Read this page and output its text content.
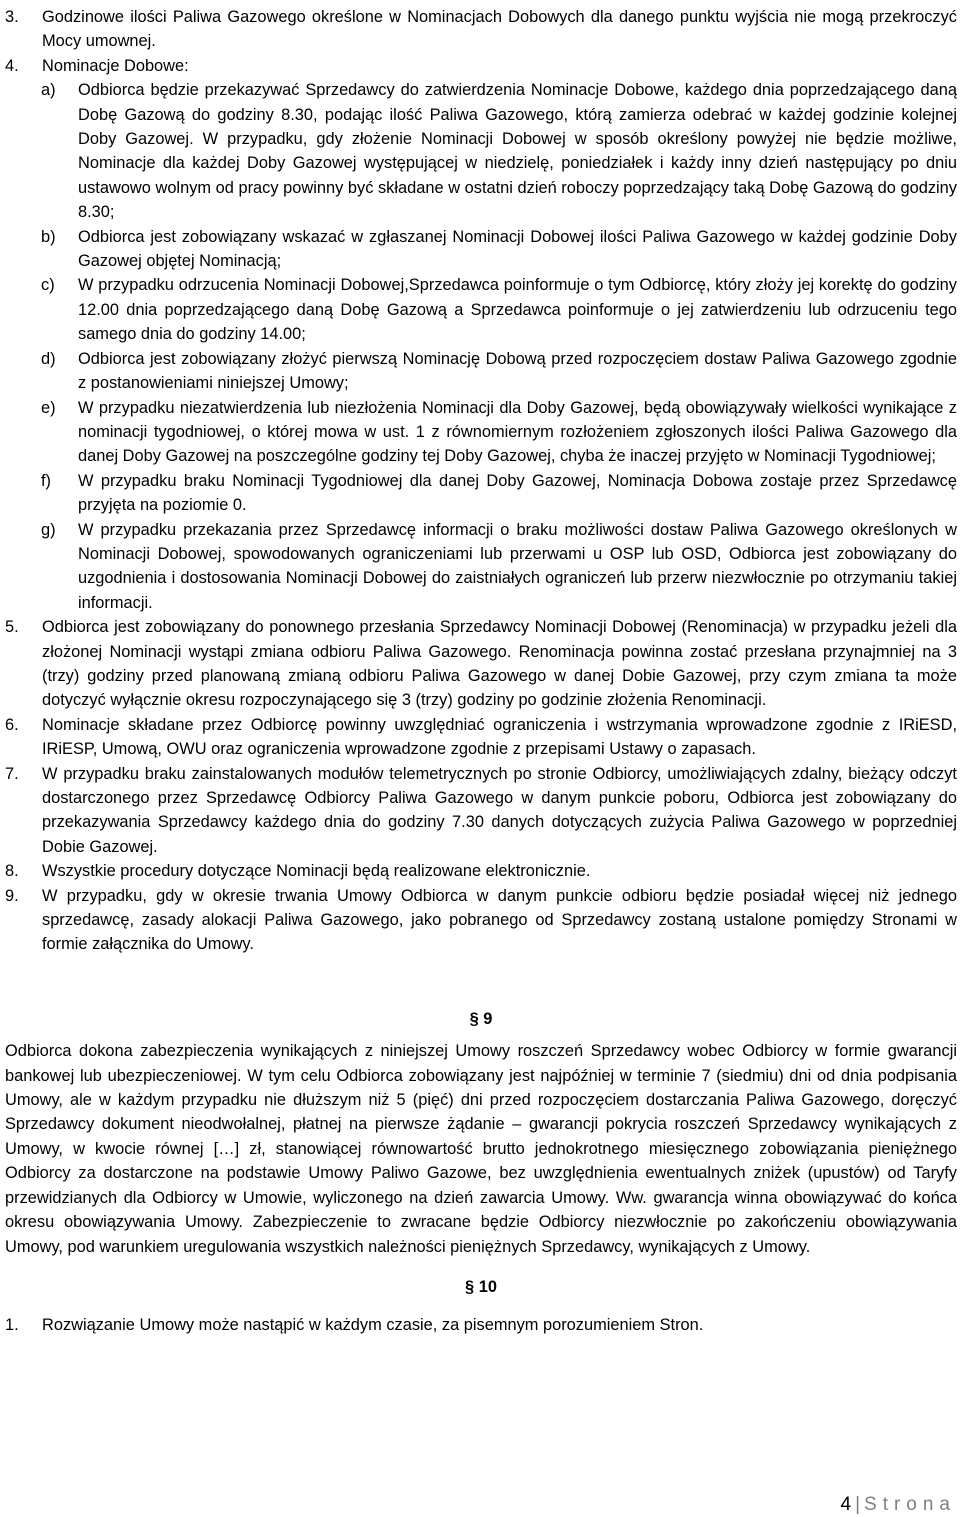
3. Godzinowe ilości Paliwa Gazowego określone w Nominacjach Dobowych dla danego punktu wyjścia nie mogą przekroczyć Mocy umownej.
4. Nominacje Dobowe:
a) Odbiorca będzie przekazywać Sprzedawcy do zatwierdzenia Nominacje Dobowe, każdego dnia poprzedzającego daną Dobę Gazową do godziny 8.30, podając ilość Paliwa Gazowego, którą zamierza odebrać w każdej godzinie kolejnej Doby Gazowej. W przypadku, gdy złożenie Nominacji Dobowej w sposób określony powyżej nie będzie możliwe, Nominacje dla każdej Doby Gazowej występującej w niedzielę, poniedziałek i każdy inny dzień następujący po dniu ustawowo wolnym od pracy powinny być składane w ostatni dzień roboczy poprzedzający taką Dobę Gazową do godziny 8.30;
b) Odbiorca jest zobowiązany wskazać w zgłaszanej Nominacji Dobowej ilości Paliwa Gazowego w każdej godzinie Doby Gazowej objętej Nominacją;
c) W przypadku odrzucenia Nominacji Dobowej,Sprzedawca poinformuje o tym Odbiorcę, który złoży jej korektę do godziny 12.00 dnia poprzedzającego daną Dobę Gazową a Sprzedawca poinformuje o jej zatwierdzeniu lub odrzuceniu tego samego dnia do godziny 14.00;
d) Odbiorca jest zobowiązany złożyć pierwszą Nominację Dobową przed rozpoczęciem dostaw Paliwa Gazowego zgodnie z postanowieniami niniejszej Umowy;
e) W przypadku niezatwierdzenia lub niezłożenia Nominacji dla Doby Gazowej, będą obowiązywały wielkości wynikające z nominacji tygodniowej, o której mowa w ust. 1 z równomiernym rozłożeniem zgłoszonych ilości Paliwa Gazowego dla danej Doby Gazowej na poszczególne godziny tej Doby Gazowej, chyba że inaczej przyjęto w Nominacji Tygodniowej;
f) W przypadku braku Nominacji Tygodniowej dla danej Doby Gazowej, Nominacja Dobowa zostaje przez Sprzedawcę przyjęta na poziomie 0.
g) W przypadku przekazania przez Sprzedawcę informacji o braku możliwości dostaw Paliwa Gazowego określonych w Nominacji Dobowej, spowodowanych ograniczeniami lub przerwami u OSP lub OSD, Odbiorca jest zobowiązany do uzgodnienia i dostosowania Nominacji Dobowej do zaistniałych ograniczeń lub przerw niezwłocznie po otrzymaniu takiej informacji.
5. Odbiorca jest zobowiązany do ponownego przesłania Sprzedawcy Nominacji Dobowej (Renominacja) w przypadku jeżeli dla złożonej Nominacji wystąpi zmiana odbioru Paliwa Gazowego. Renominacja powinna zostać przesłana przynajmniej na 3 (trzy) godziny przed planowaną zmianą odbioru Paliwa Gazowego w danej Dobie Gazowej, przy czym zmiana ta może dotyczyć wyłącznie okresu rozpoczynającego się 3 (trzy) godziny po godzinie złożenia Renominacji.
6. Nominacje składane przez Odbiorcę powinny uwzględniać ograniczenia i wstrzymania wprowadzone zgodnie z IRiESD, IRiESP, Umową, OWU oraz ograniczenia wprowadzone zgodnie z przepisami Ustawy o zapasach.
7. W przypadku braku zainstalowanych modułów telemetrycznych po stronie Odbiorcy, umożliwiających zdalny, bieżący odczyt dostarczonego przez Sprzedawcę Odbiorcy Paliwa Gazowego w danym punkcie poboru, Odbiorca jest zobowiązany do przekazywania Sprzedawcy każdego dnia do godziny 7.30 danych dotyczących zużycia Paliwa Gazowego w poprzedniej Dobie Gazowej.
8. Wszystkie procedury dotyczące Nominacji będą realizowane elektronicznie.
9. W przypadku, gdy w okresie trwania Umowy Odbiorca w danym punkcie odbioru będzie posiadał więcej niż jednego sprzedawcę, zasady alokacji Paliwa Gazowego, jako pobranego od Sprzedawcy zostaną ustalone pomiędzy Stronami w formie załącznika do Umowy.

§ 9

Odbiorca dokona zabezpieczenia wynikających z niniejszej Umowy roszczeń Sprzedawcy wobec Odbiorcy w formie gwarancji bankowej lub ubezpieczeniowej. W tym celu Odbiorca zobowiązany jest najpóźniej w terminie 7 (siedmiu) dni od dnia podpisania Umowy, ale w każdym przypadku nie dłuższym niż 5 (pięć) dni przed rozpoczęciem dostarczania Paliwa Gazowego, doręczyć Sprzedawcy dokument nieodwołalnej, płatnej na pierwsze żądanie – gwarancji pokrycia roszczeń Sprzedawcy wynikających z Umowy, w kwocie równej […] zł, stanowiącej równowartość brutto jednokrotnego miesięcznego zobowiązania pieniężnego Odbiorcy za dostarczone na podstawie Umowy Paliwo Gazowe, bez uwzględnienia ewentualnych zniżek (upustów) od Taryfy przewidzianych dla Odbiorcy w Umowie, wyliczonego na dzień zawarcia Umowy. Ww. gwarancja winna obowiązywać do końca okresu obowiązywania Umowy. Zabezpieczenie to zwracane będzie Odbiorcy niezwłocznie po zakończeniu obowiązywania Umowy, pod warunkiem uregulowania wszystkich należności pieniężnych Sprzedawcy, wynikających z Umowy.

§ 10

1. Rozwiązanie Umowy może nastąpić w każdym czasie, za pisemnym porozumieniem Stron.
4 | Strona
